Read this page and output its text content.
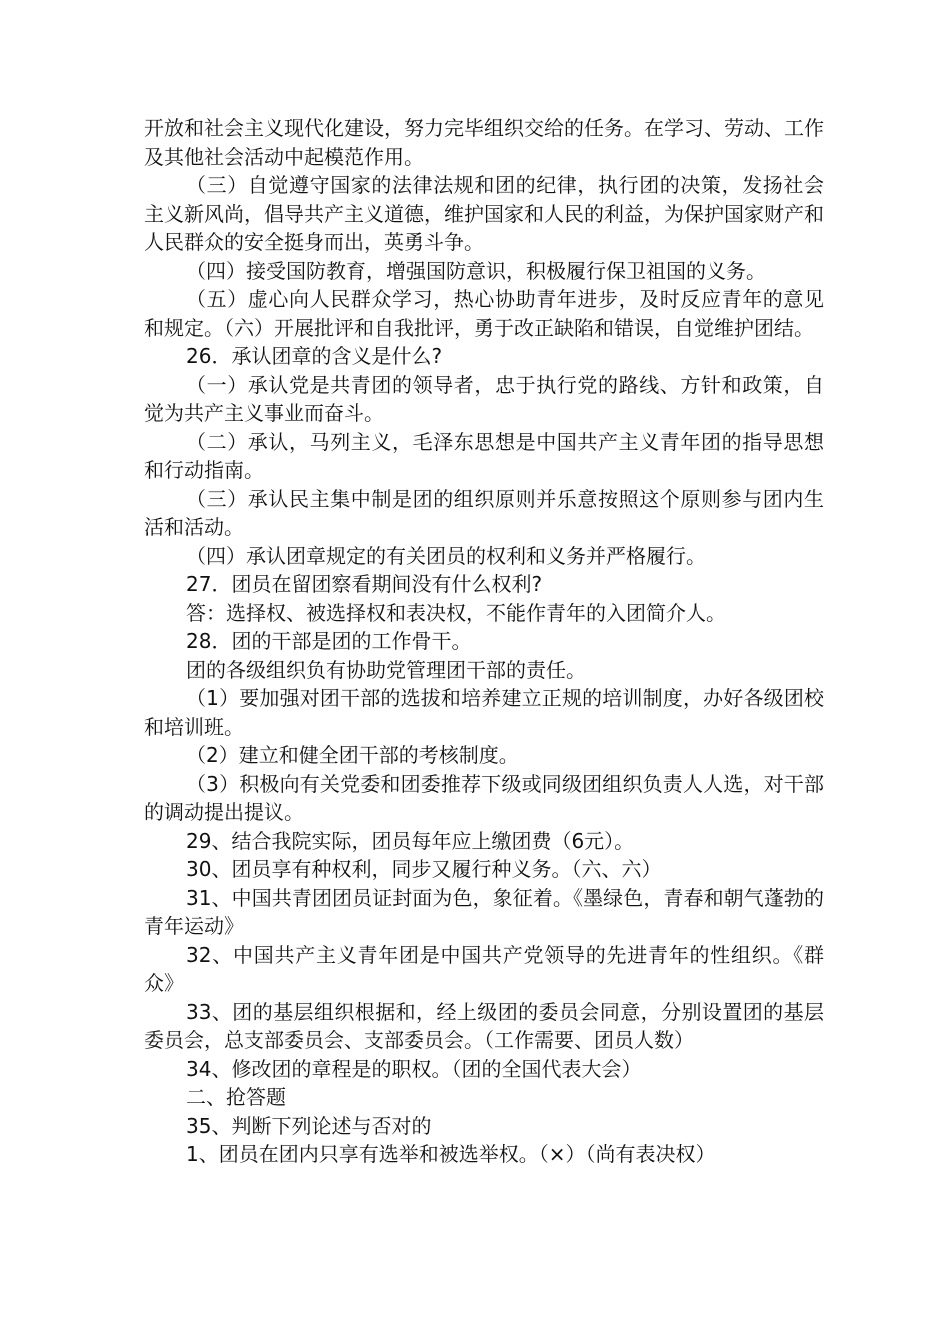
开放和社会主义现代化建设，努力完毕组织交给的任务。在学习、劳动、工作及其他社会活动中起模范作用。

（三）自觉遵守国家的法律法规和团的纪律，执行团的决策，发扬社会主义新风尚，倡导共产主义道德，维护国家和人民的利益，为保护国家财产和人民群众的安全挺身而出，英勇斗争。

（四）接受国防教育，增强国防意识，积极履行保卫祖国的义务。

（五）虚心向人民群众学习，热心协助青年进步，及时反应青年的意见和规定。（六）开展批评和自我批评，勇于改正缺陷和错误，自觉维护团结。

26．承认团章的含义是什么?

（一）承认党是共青团的领导者，忠于执行党的路线、方针和政策，自觉为共产主义事业而奋斗。

（二）承认，马列主义，毛泽东思想是中国共产主义青年团的指导思想和行动指南。

（三）承认民主集中制是团的组织原则并乐意按照这个原则参与团内生活和活动。

（四）承认团章规定的有关团员的权利和义务并严格履行。

27．团员在留团察看期间没有什么权利?

答：选择权、被选择权和表决权，不能作青年的入团简介人。

28．团的干部是团的工作骨干。

团的各级组织负有协助党管理团干部的责任。

（1）要加强对团干部的选拔和培养建立正规的培训制度，办好各级团校和培训班。

（2）建立和健全团干部的考核制度。

（3）积极向有关党委和团委推荐下级或同级团组织负责人人选，对干部的调动提出提议。

29、结合我院实际，团员每年应上缴团费（6元）。

30、团员享有种权利，同步又履行种义务。（六、六）

31、中国共青团团员证封面为色，象征着。《墨绿色，青春和朝气蓬勃的青年运动》

32、中国共产主义青年团是中国共产党领导的先进青年的性组织。《群众》

33、团的基层组织根据和，经上级团的委员会同意，分别设置团的基层委员会，总支部委员会、支部委员会。（工作需要、团员人数）

34、修改团的章程是的职权。（团的全国代表大会）

二、抢答题

35、判断下列论述与否对的

1、团员在团内只享有选举和被选举权。（×）（尚有表决权）
